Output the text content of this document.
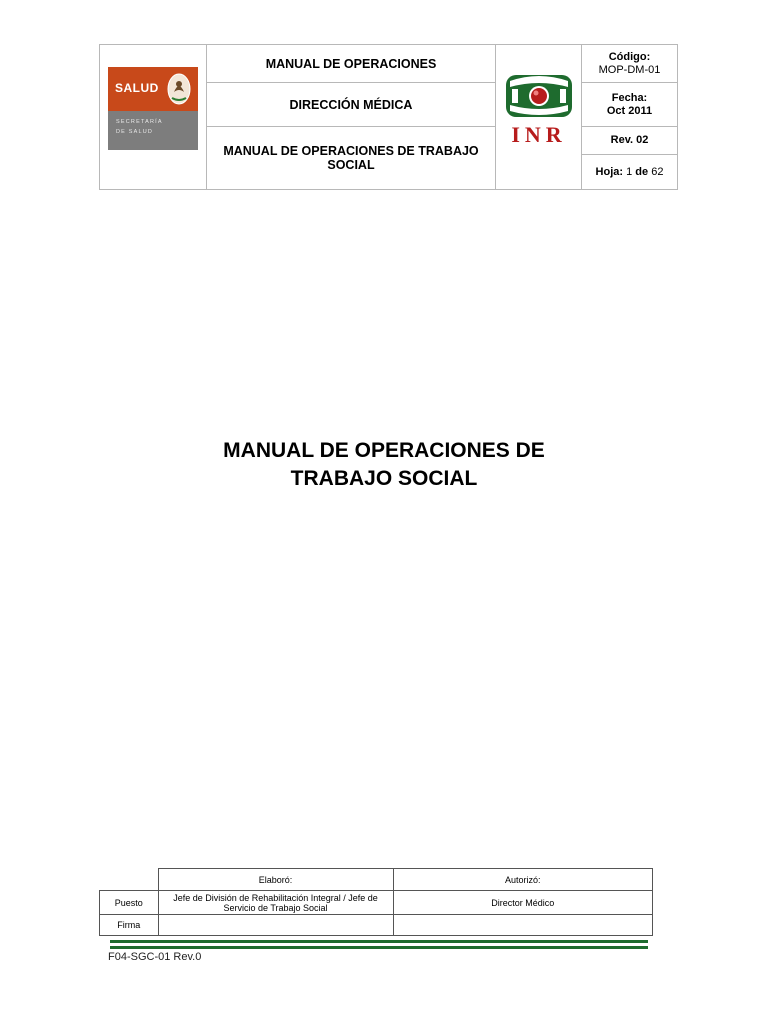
SALUD
SECRETARÍA
DE SALUD
MANUAL DE OPERACIONES
DIRECCIÓN MÉDICA
MANUAL DE OPERACIONES DE TRABAJO SOCIAL
INR
Código:
MOP-DM-01
Fecha:
Oct 2011
Rev. 02
Hoja: 1 de 62
MANUAL DE OPERACIONES DE
TRABAJO SOCIAL
	Elaboró:	Autorizó:
Puesto	Jefe de División de Rehabilitación Integral / Jefe de Servicio de Trabajo Social	Director Médico
Firma		
F04-SGC-01 Rev.0
